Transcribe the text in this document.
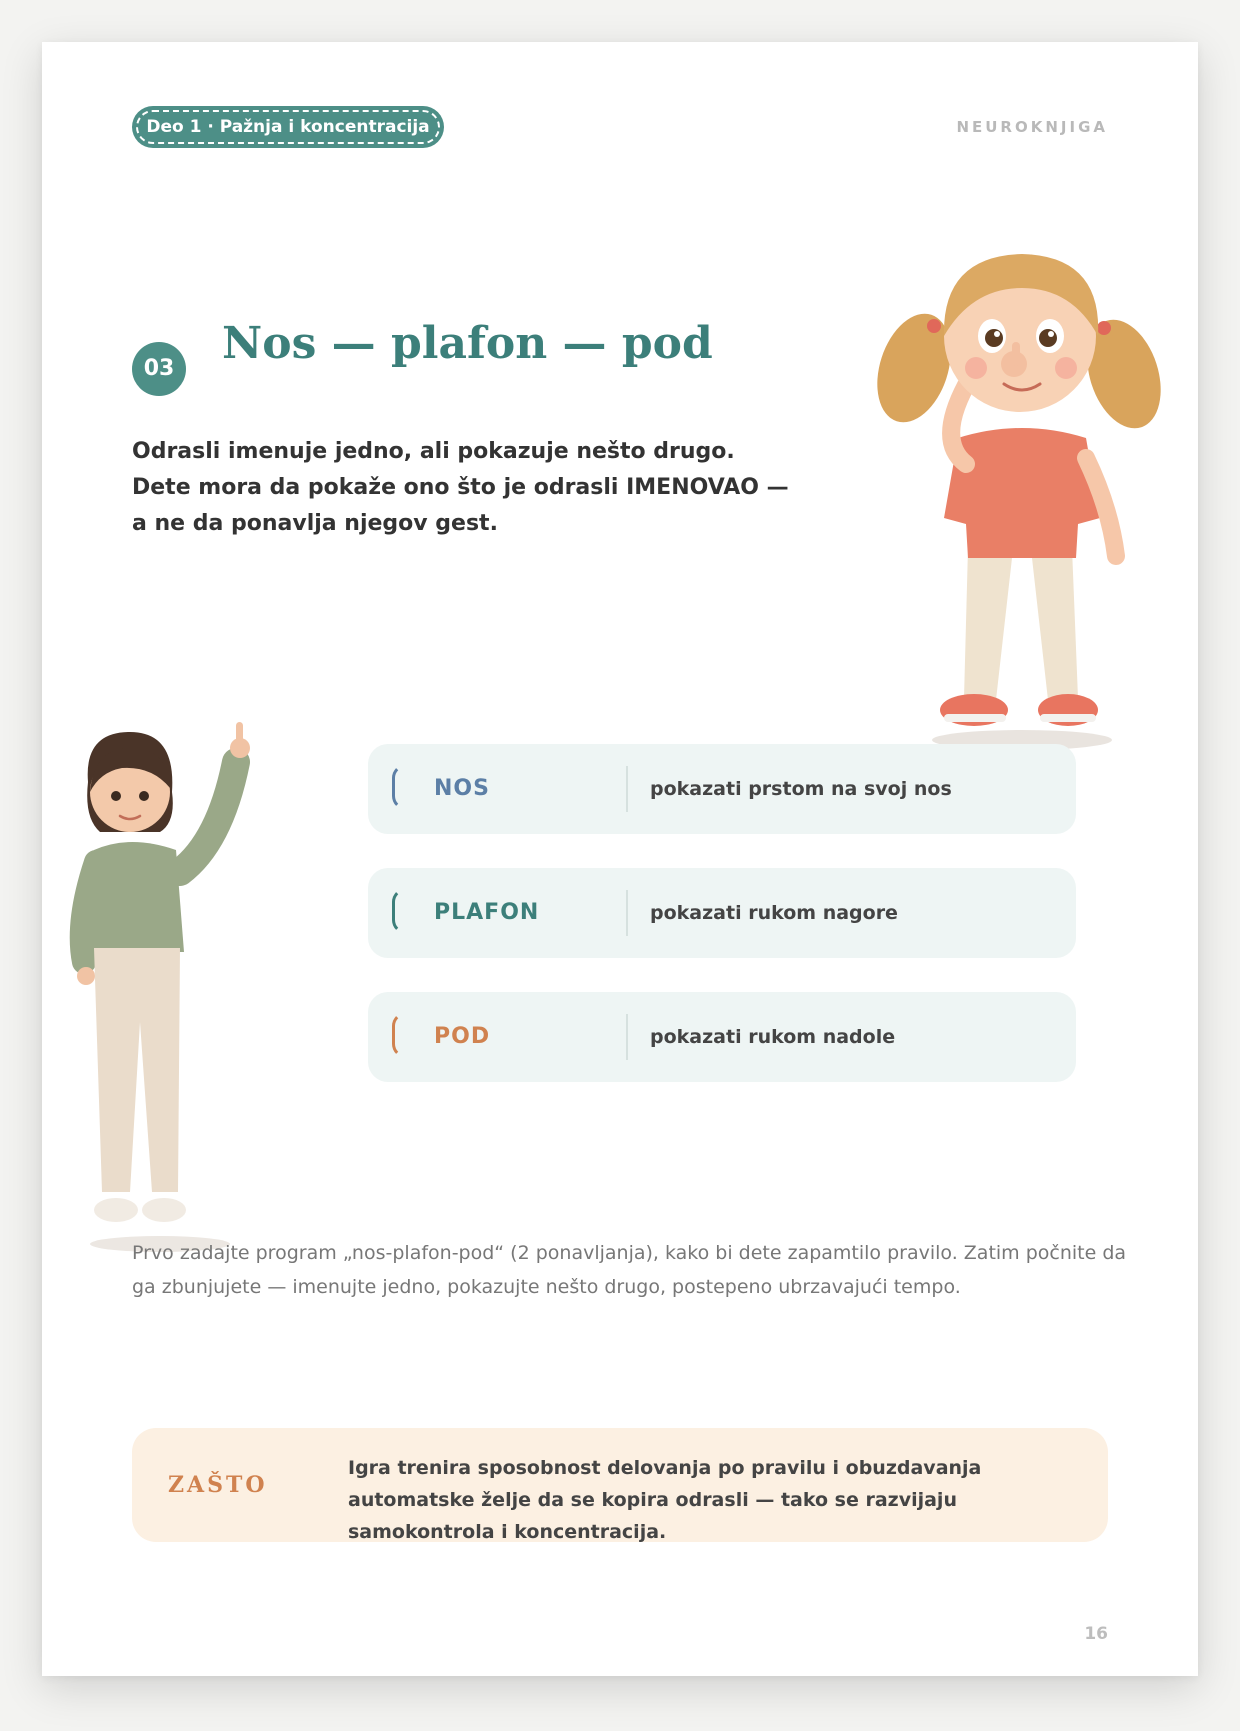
Deo 1 · Pažnja i koncentracija	NEUROKNJIGA
03 Nos — plafon — pod

Odrasli imenuje jedno, ali pokazuje nešto drugo. Dete mora da pokaže ono što je odrasli IMENOVAO — a ne da ponavlja njegov gest.

NOS	pokazati prstom na svoj nos
PLAFON	pokazati rukom nagore
POD	pokazati rukom nadole

Prvo zadajte program „nos-plafon-pod“ (2 ponavljanja), kako bi dete zapamtilo pravilo. Zatim počnite da ga zbunjujete — imenujte jedno, pokazujte nešto drugo, postepeno ubrzavajući tempo.

ZAŠTO

Igra trenira sposobnost delovanja po pravilu i obuzdavanja automatske želje da se kopira odrasli — tako se razvijaju samokontrola i koncentracija.

16
